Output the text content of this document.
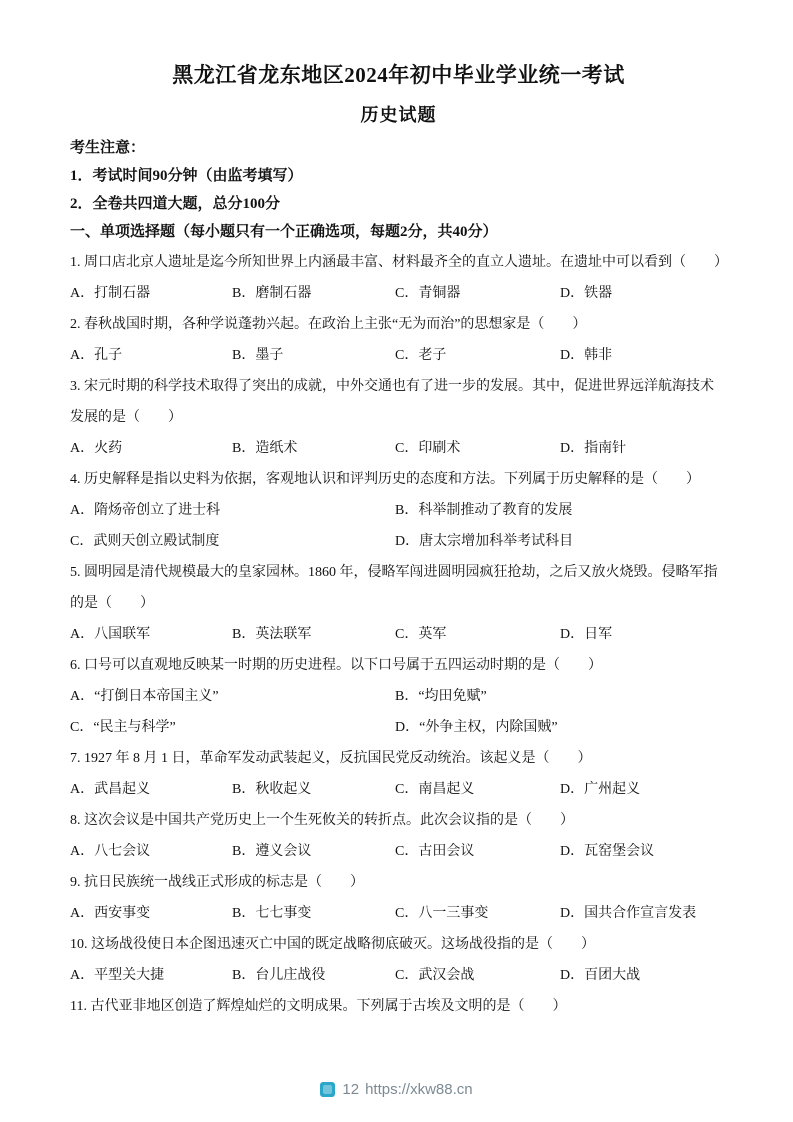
黑龙江省龙东地区2024年初中毕业学业统一考试
历史试题

考生注意：

1．考试时间90分钟（由监考填写）

2．全卷共四道大题，总分100分

一、单项选择题（每小题只有一个正确选项，每题2分，共40分）

1. 周口店北京人遗址是迄今所知世界上内涵最丰富、材料最齐全的直立人遗址。在遗址中可以看到（　　）

A．打制石器	B．磨制石器	C．青铜器	D．铁器

2. 春秋战国时期，各种学说蓬勃兴起。在政治上主张“无为而治”的思想家是（　　）

A．孔子	B．墨子	C．老子	D．韩非

3. 宋元时期的科学技术取得了突出的成就，中外交通也有了进一步的发展。其中，促进世界远洋航海技术发展的是（　　）

A．火药	B．造纸术	C．印刷术	D．指南针

4. 历史解释是指以史料为依据，客观地认识和评判历史的态度和方法。下列属于历史解释的是（　　）

A．隋炀帝创立了进士科	B．科举制推动了教育的发展
C．武则天创立殿试制度	D．唐太宗增加科举考试科目

5. 圆明园是清代规模最大的皇家园林。1860 年，侵略军闯进圆明园疯狂抢劫，之后又放火烧毁。侵略军指的是（　　）

A．八国联军	B．英法联军	C．英军	D．日军

6. 口号可以直观地反映某一时期的历史进程。以下口号属于五四运动时期的是（　　）

A．“打倒日本帝国主义”	B．“均田免赋”
C．“民主与科学”	D．“外争主权，内除国贼”

7. 1927 年 8 月 1 日，革命军发动武装起义，反抗国民党反动统治。该起义是（　　）

A．武昌起义	B．秋收起义	C．南昌起义	D．广州起义

8. 这次会议是中国共产党历史上一个生死攸关的转折点。此次会议指的是（　　）

A．八七会议	B．遵义会议	C．古田会议	D．瓦窑堡会议

9. 抗日民族统一战线正式形成的标志是（　　）

A．西安事变	B．七七事变	C．八一三事变	D．国共合作宣言发表

10. 这场战役使日本企图迅速灭亡中国的既定战略彻底破灭。这场战役指的是（　　）

A．平型关大捷	B．台儿庄战役	C．武汉会战	D．百团大战

11. 古代亚非地区创造了辉煌灿烂的文明成果。下列属于古埃及文明的是（　　）

12 https://xkw88.cn
